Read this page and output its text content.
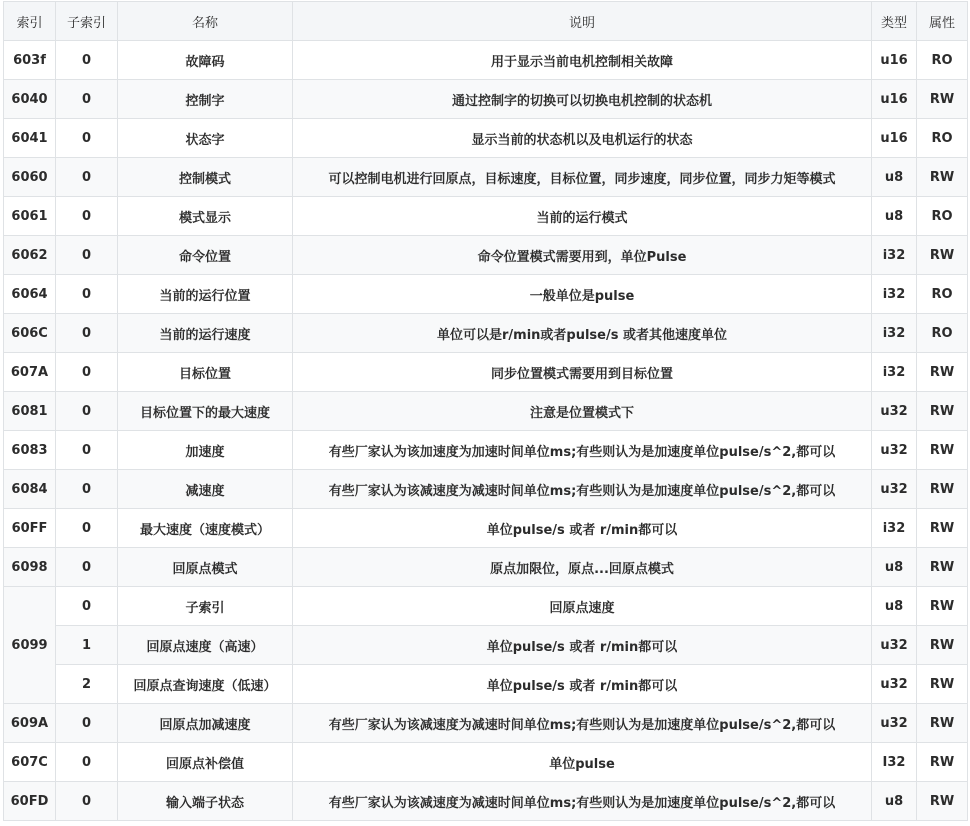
索引	子索引	名称	说明	类型	属性
603f	0	故障码	用于显示当前电机控制相关故障	u16	RO
6040	0	控制字	通过控制字的切换可以切换电机控制的状态机	u16	RW
6041	0	状态字	显示当前的状态机以及电机运行的状态	u16	RO
6060	0	控制模式	可以控制电机进行回原点，目标速度，目标位置，同步速度，同步位置，同步力矩等模式	u8	RW
6061	0	模式显示	当前的运行模式	u8	RO
6062	0	命令位置	命令位置模式需要用到，单位Pulse	i32	RW
6064	0	当前的运行位置	一般单位是pulse	i32	RO
606C	0	当前的运行速度	单位可以是r/min或者pulse/s 或者其他速度单位	i32	RO
607A	0	目标位置	同步位置模式需要用到目标位置	i32	RW
6081	0	目标位置下的最大速度	注意是位置模式下	u32	RW
6083	0	加速度	有些厂家认为该加速度为加速时间单位ms;有些则认为是加速度单位pulse/s^2,都可以	u32	RW
6084	0	减速度	有些厂家认为该减速度为减速时间单位ms;有些则认为是加速度单位pulse/s^2,都可以	u32	RW
60FF	0	最大速度（速度模式）	单位pulse/s 或者 r/min都可以	i32	RW
6098	0	回原点模式	原点加限位，原点...回原点模式	u8	RW
6099	0	子索引	回原点速度	u8	RW
	1	回原点速度（高速）	单位pulse/s 或者 r/min都可以	u32	RW
	2	回原点查询速度（低速）	单位pulse/s 或者 r/min都可以	u32	RW
609A	0	回原点加减速度	有些厂家认为该减速度为减速时间单位ms;有些则认为是加速度单位pulse/s^2,都可以	u32	RW
607C	0	回原点补偿值	单位pulse	I32	RW
60FD	0	输入端子状态	有些厂家认为该减速度为减速时间单位ms;有些则认为是加速度单位pulse/s^2,都可以	u8	RW
